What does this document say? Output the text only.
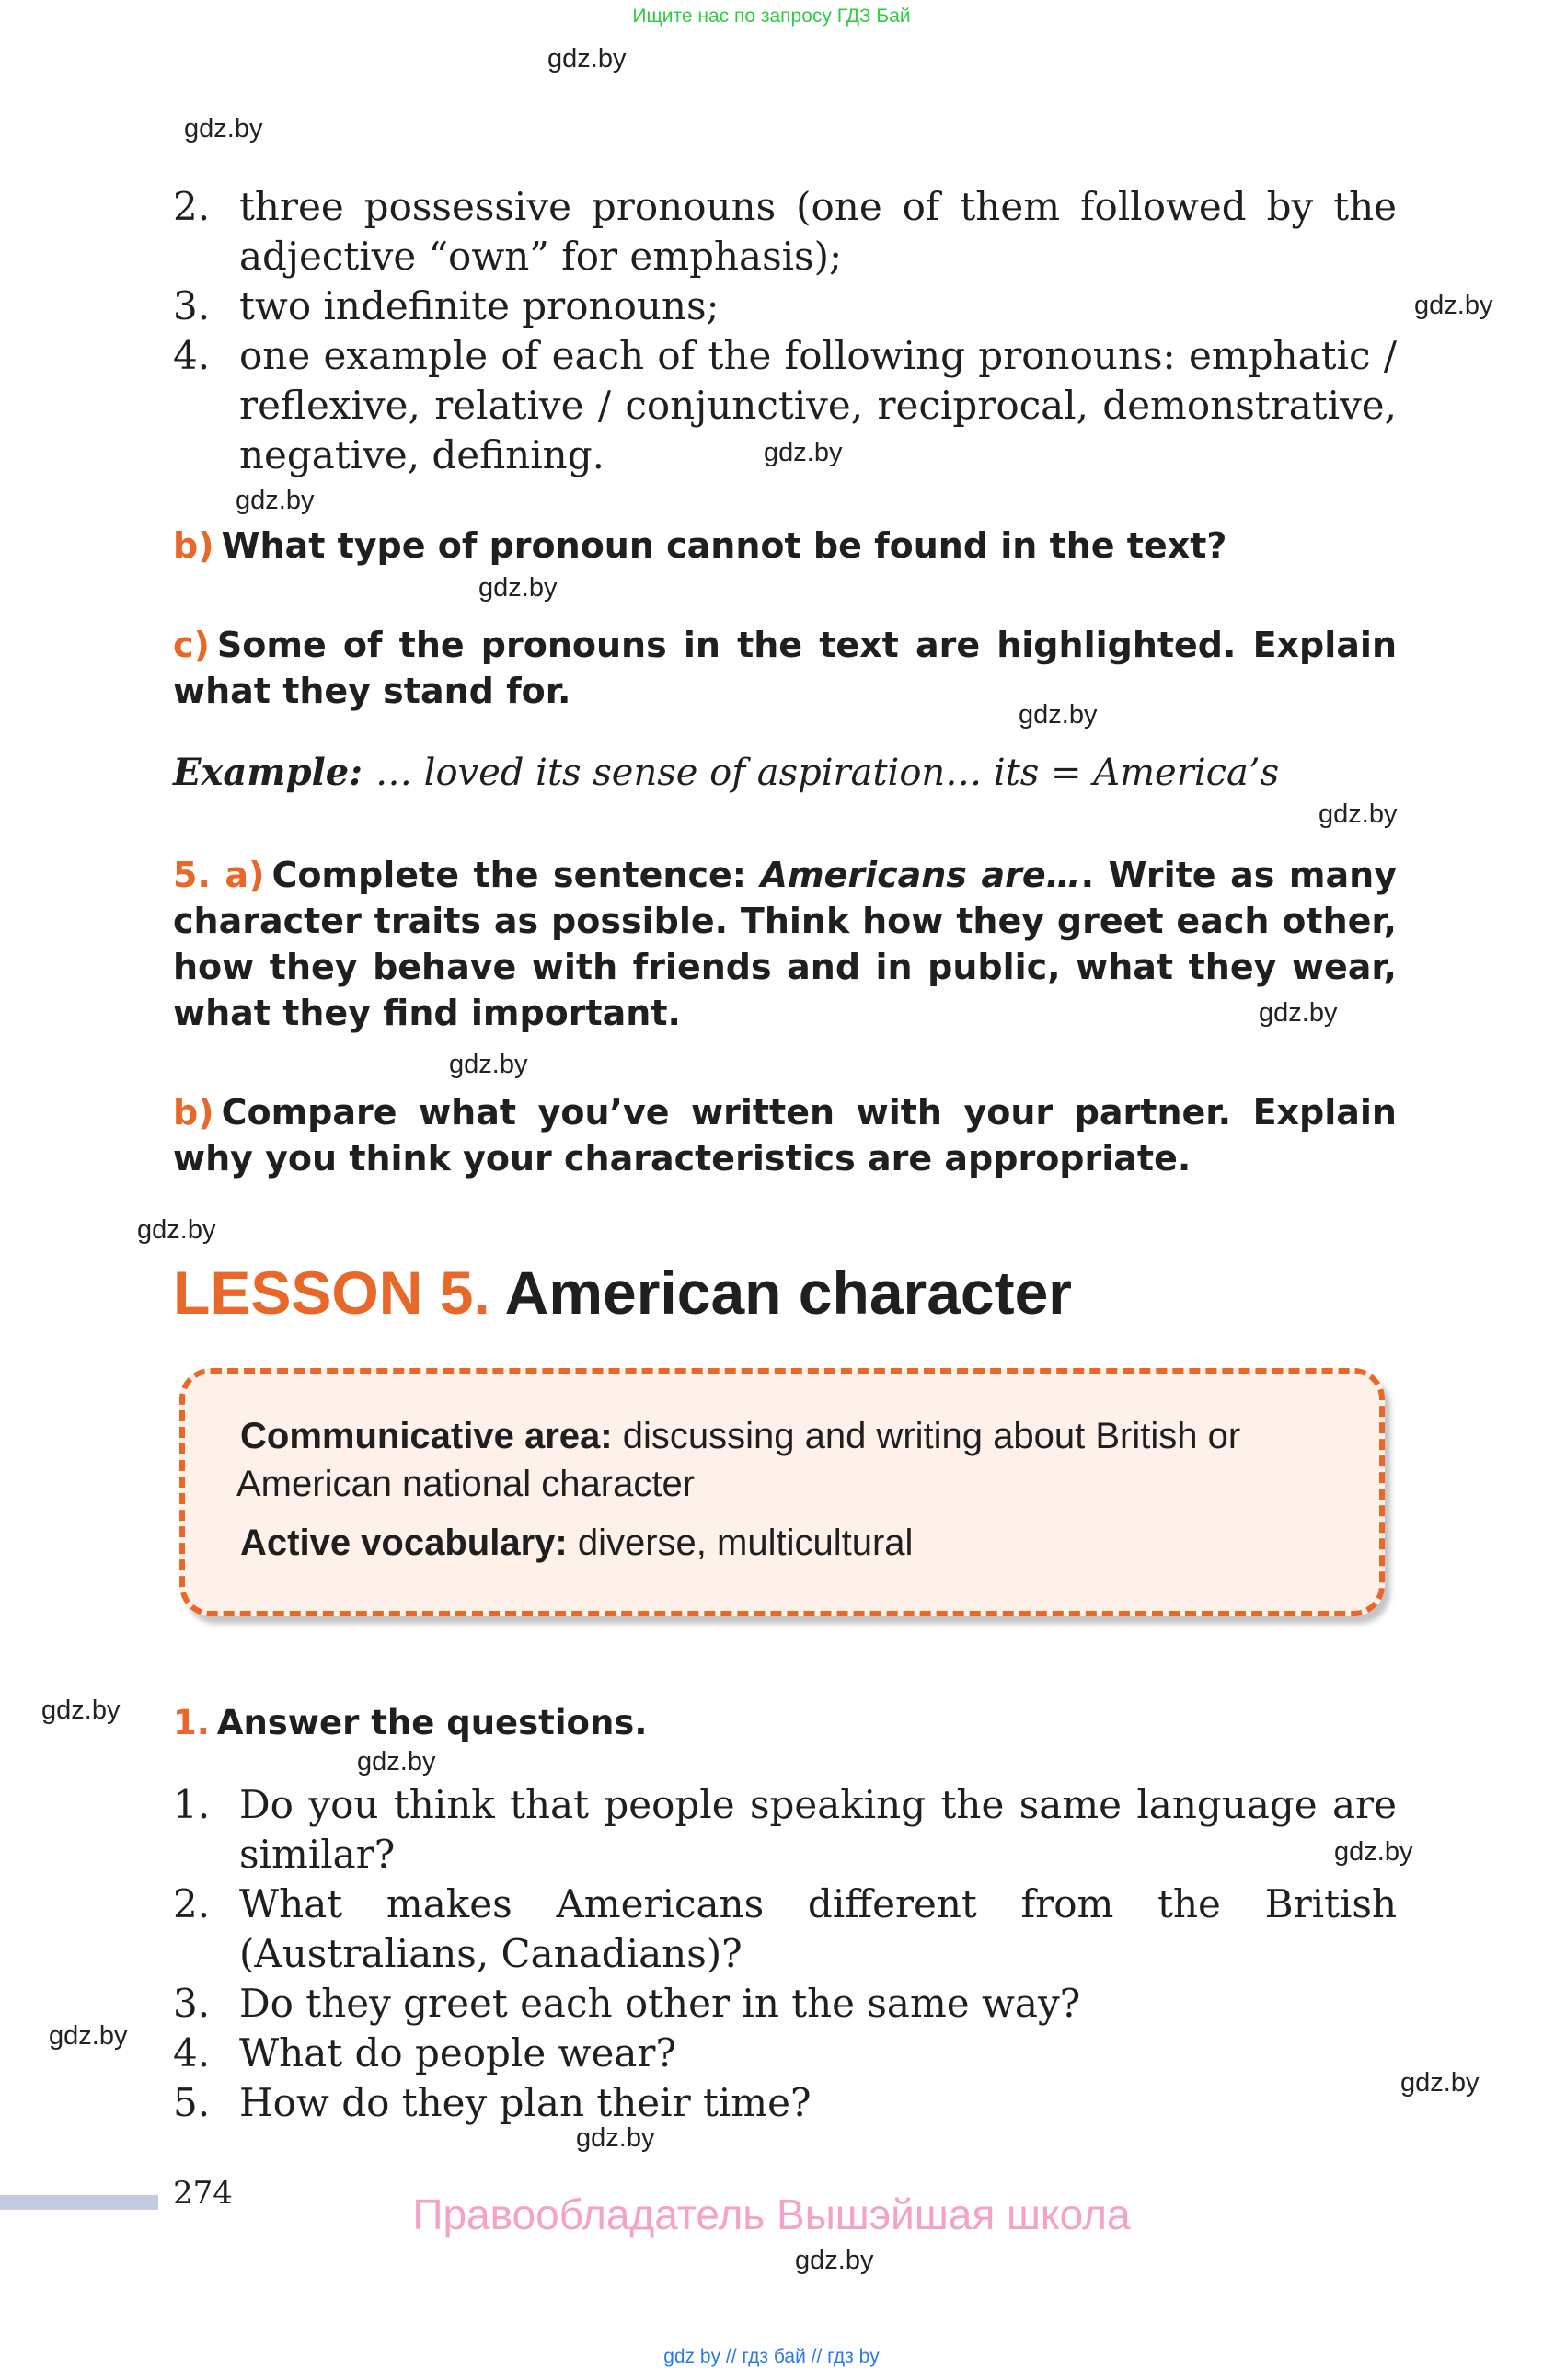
Ищите нас по запросу ГДЗ Бай
gdz.by
gdz.by
gdz.by
gdz.by
gdz.by
gdz.by
gdz.by
gdz.by
gdz.by
gdz.by
gdz.by
gdz.by
gdz.by
gdz.by
gdz.by
gdz.by
gdz.by
gdz.by
2. three possessive pronouns (one of them followed by the adjective “own” for emphasis);
3. two indefinite pronouns;
4. one example of each of the following pronouns: emphatic / reflexive, relative / conjunctive, reciprocal, demonstrative, negative, defining.
b) What type of pronoun cannot be found in the text?
c) Some of the pronouns in the text are highlighted. Explain what they stand for.
Example: … loved its sense of aspiration… its = America’s
5. a) Complete the sentence: Americans are…. Write as many character traits as possible. Think how they greet each other, how they behave with friends and in public, what they wear, what they find important.
b) Compare what you’ve written with your partner. Explain why you think your characteristics are appropriate.
LESSON 5. American character
Communicative area: discussing and writing about British or
American national character
Active vocabulary: diverse, multicultural
1. Answer the questions.
1. Do you think that people speaking the same language are similar?
2. What makes Americans different from the British (Australians, Canadians)?
3. Do they greet each other in the same way?
4. What do people wear?
5. How do they plan their time?
274	Правообладатель Вышэйшая школа
gdz by // гдз бай // гдз by
